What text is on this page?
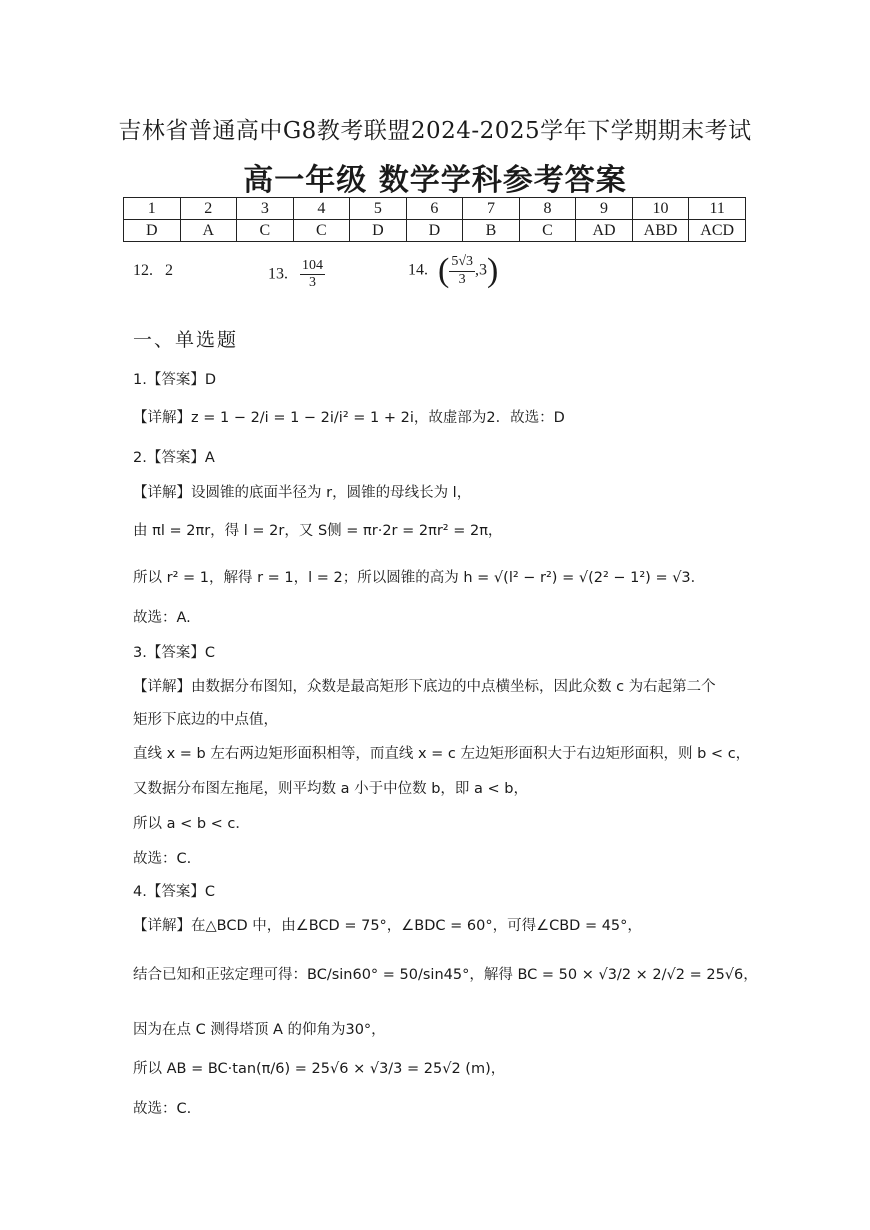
吉林省普通高中G8教考联盟2024-2025学年下学期期末考试
高一年级 数学学科参考答案
1	2	3	4	5	6	7	8	9	10	11
D	A	C	C	D	D	B	C	AD	ABD	ACD
12. 2	13. $\frac{104}{3}$	14. ( $\frac{5√3}{3} ,3$)
一、单选题
1.【答案】D
【详解】z = 1 − 2/i = 1 − 2i/i² = 1 + 2i，故虚部为2．故选：D
2.【答案】A
【详解】设圆锥的底面半径为 r，圆锥的母线长为 l，
由 πl = 2πr，得 l = 2r，又 S侧 = πr·2r = 2πr² = 2π，
所以 r² = 1，解得 r = 1，l = 2；所以圆锥的高为 h = √(l² − r²) = √(2² − 1²) = √3．
故选：A.
3.【答案】C
【详解】由数据分布图知，众数是最高矩形下底边的中点横坐标，因此众数 c 为右起第二个
矩形下底边的中点值，
直线 x = b 左右两边矩形面积相等，而直线 x = c 左边矩形面积大于右边矩形面积，则 b < c，
又数据分布图左拖尾，则平均数 a 小于中位数 b，即 a < b，
所以 a < b < c．
故选：C.
4.【答案】C
【详解】在△BCD 中，由∠BCD = 75°，∠BDC = 60°，可得∠CBD = 45°，
结合已知和正弦定理可得：BC/sin60° = 50/sin45°，解得 BC = 50 × √3/2 × 2/√2 = 25√6，
因为在点 C 测得塔顶 A 的仰角为30°，
所以 AB = BC·tan(π/6) = 25√6 × √3/3 = 25√2 (m)，
故选：C.
